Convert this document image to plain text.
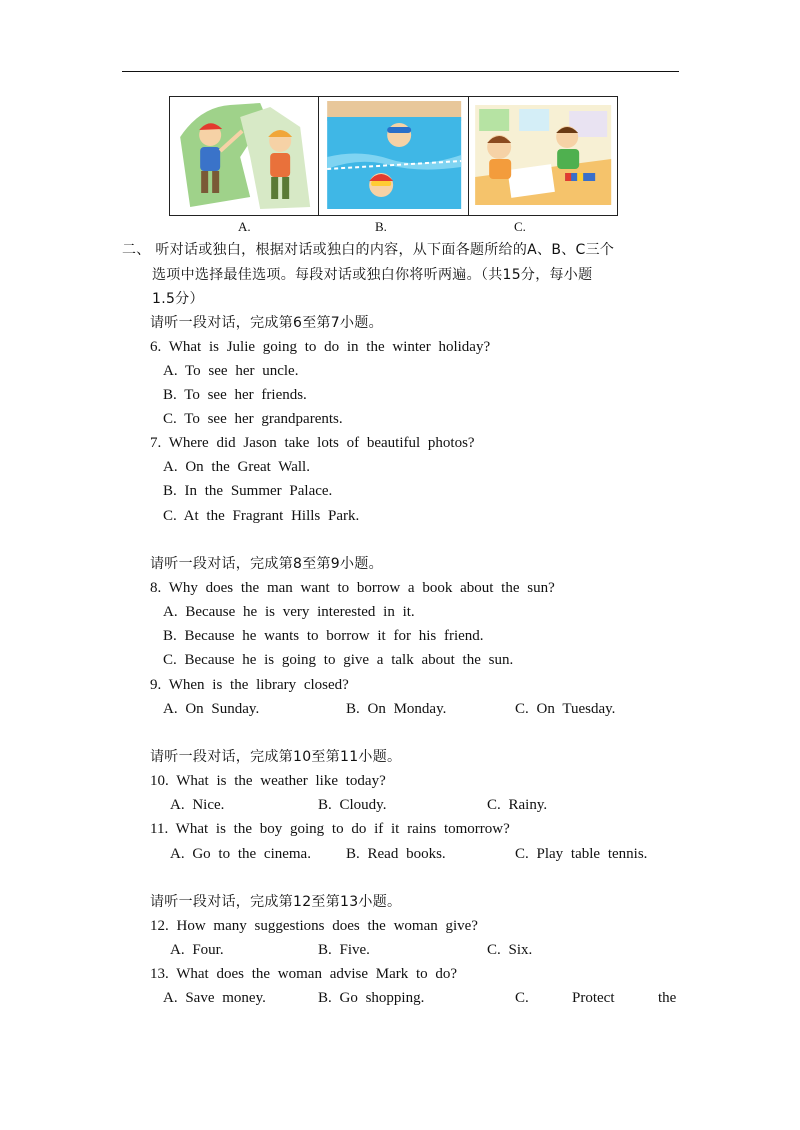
A.	B.	C.
二、 听对话或独白，根据对话或独白的内容，从下面各题所给的A、B、C三个
选项中选择最佳选项。每段对话或独白你将听两遍。（共15分，每小题
1.5分）
请听一段对话，完成第6至第7小题。
6. What is Julie going to do in the winter holiday?
A. To see her uncle.
B. To see her friends.
C. To see her grandparents.
7. Where did Jason take lots of beautiful photos?
A. On the Great Wall.
B. In the Summer Palace.
C. At the Fragrant Hills Park.
请听一段对话，完成第8至第9小题。
8. Why does the man want to borrow a book about the sun?
A. Because he is very interested in it.
B. Because he wants to borrow it for his friend.
C. Because he is going to give a talk about the sun.
9. When is the library closed?
A. On Sunday.	B. On Monday.	C. On Tuesday.
请听一段对话，完成第10至第11小题。
10. What is the weather like today?
A. Nice.	B. Cloudy.	C. Rainy.
11. What is the boy going to do if it rains tomorrow?
A. Go to the cinema. B. Read books.	C. Play table tennis.
请听一段对话，完成第12至第13小题。
12. How many suggestions does the woman give?
A. Four.	B. Five.	C. Six.
13. What does the woman advise Mark to do?
A. Save money.	B. Go shopping.	C.	Protect	the
